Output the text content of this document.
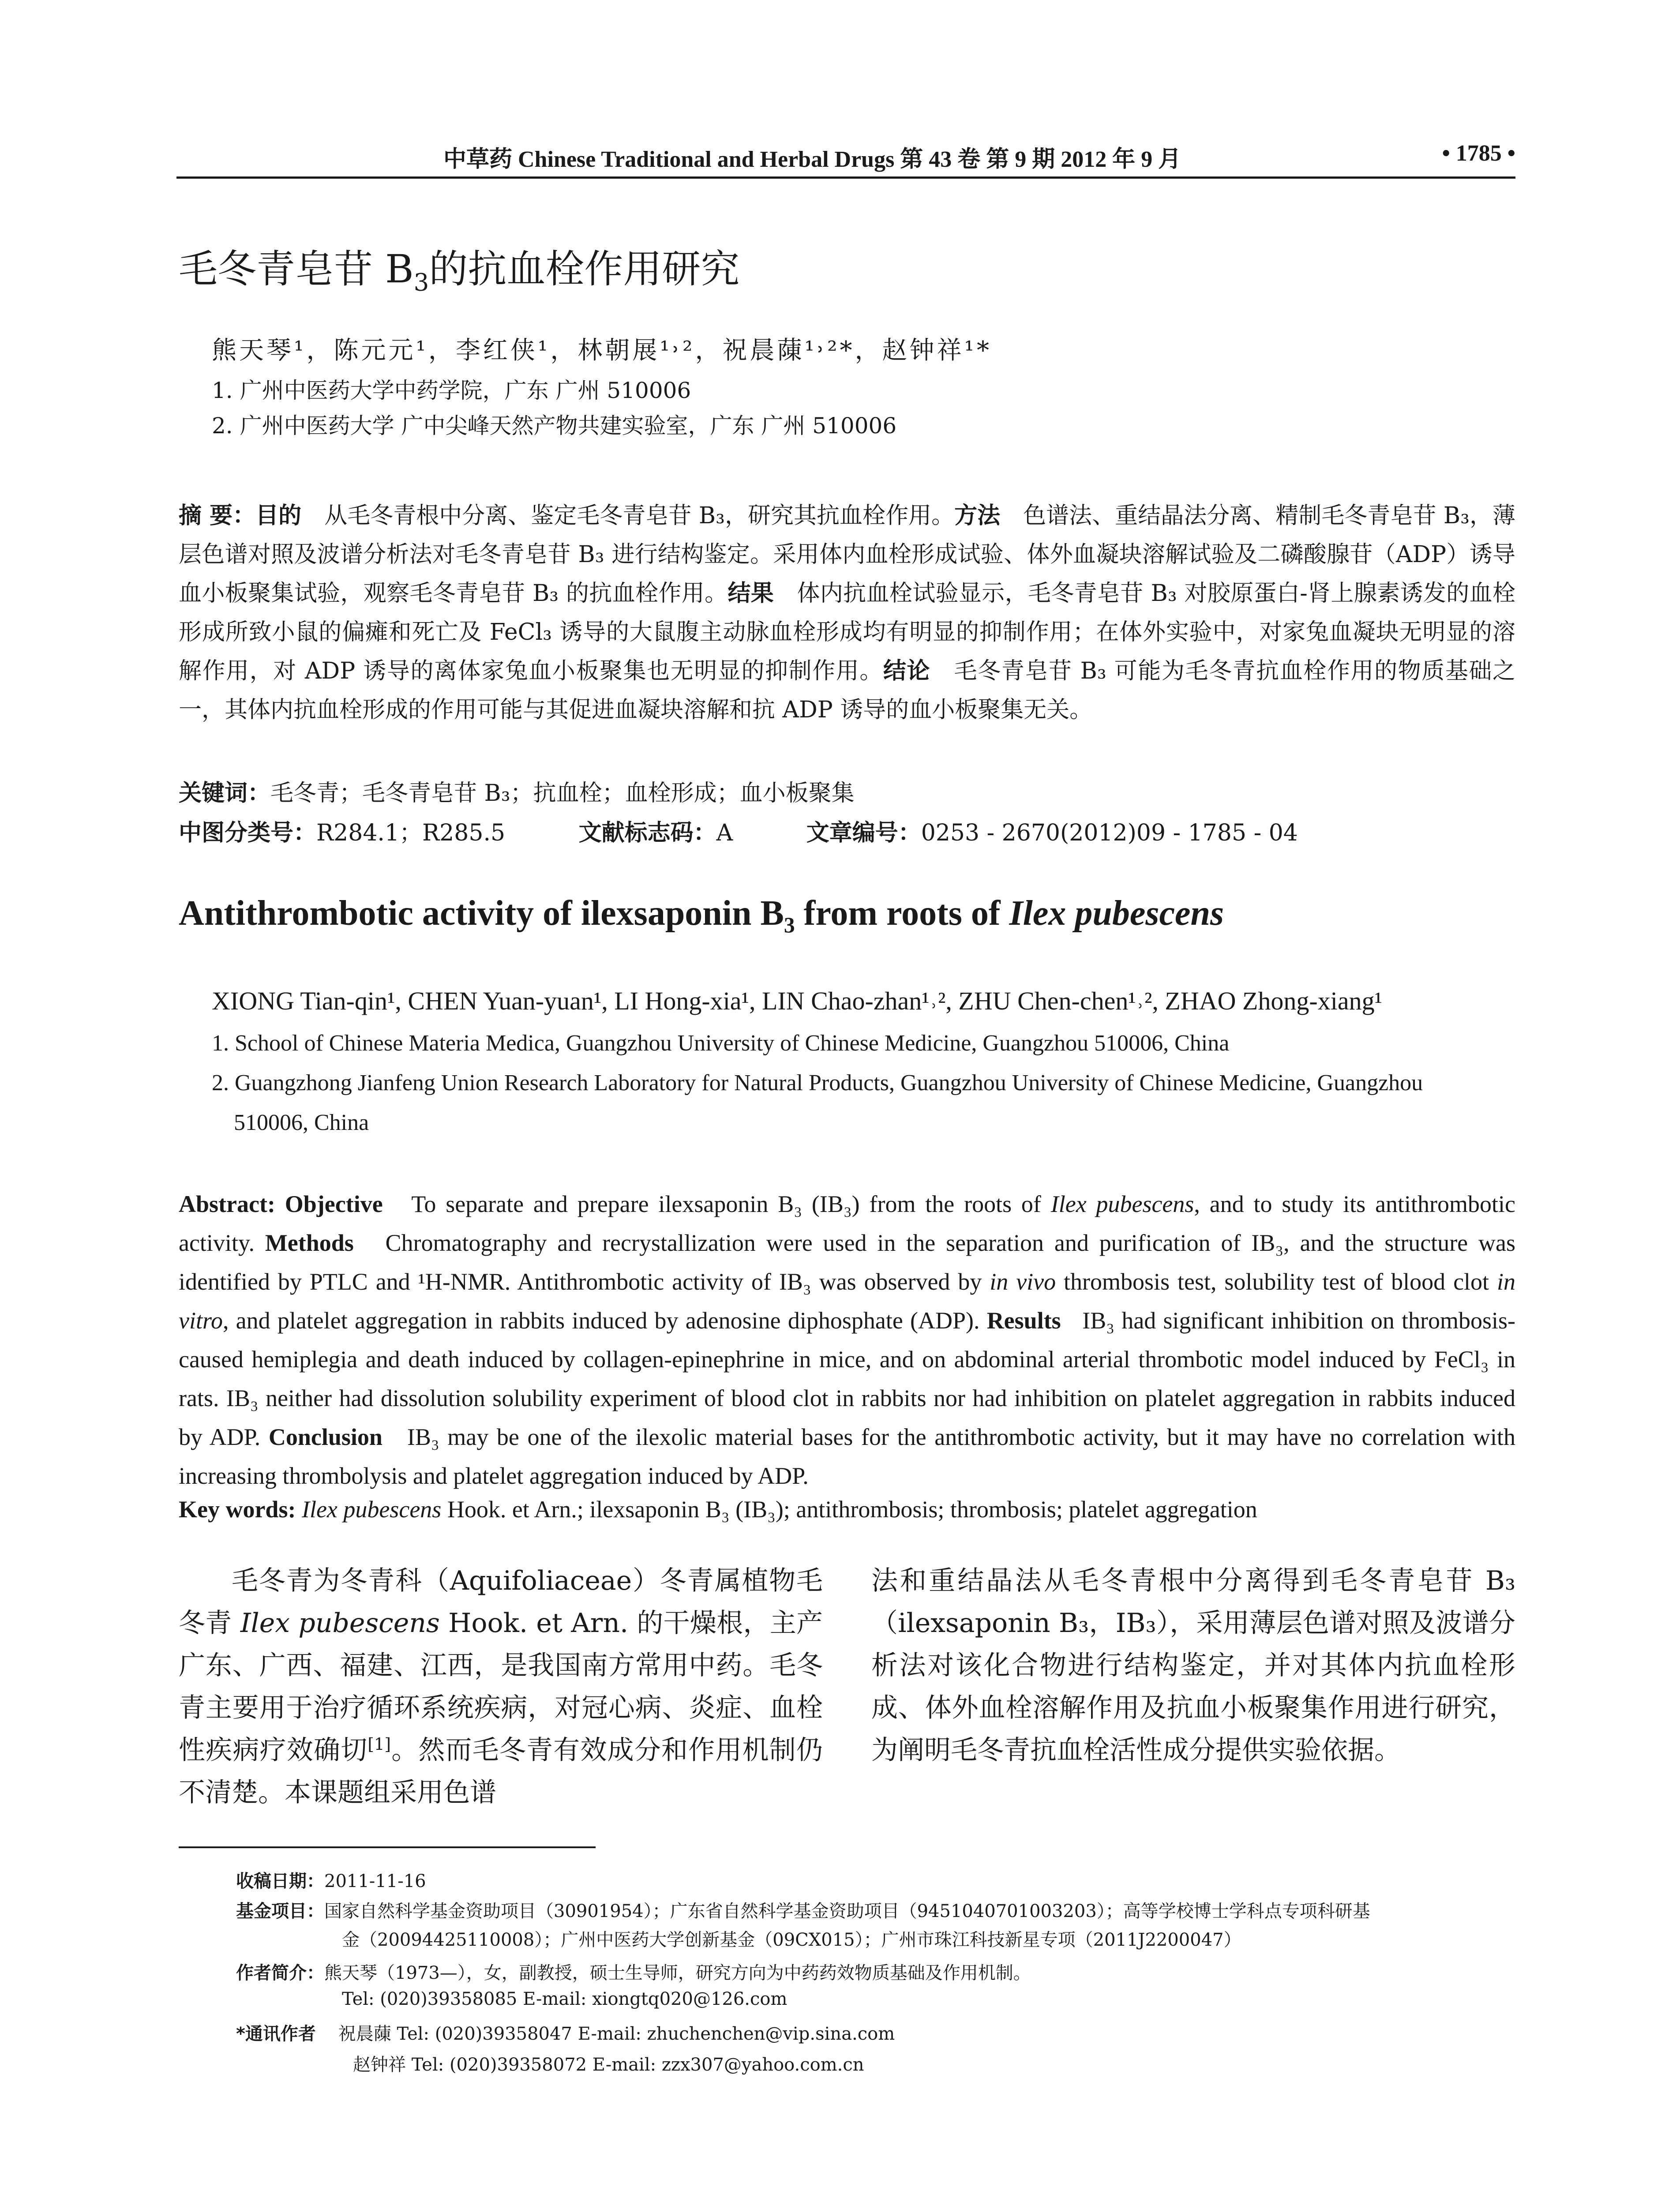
中草药 Chinese Traditional and Herbal Drugs 第 43 卷 第 9 期 2012 年 9 月	• 1785 •
毛冬青皂苷 $B_3$的抗血栓作用研究
熊天琴¹，陈元元¹，李红侠¹，林朝展¹˒²，祝晨蔯¹˒²*，赵钟祥¹*
1. 广州中医药大学中药学院，广东 广州 510006
2. 广州中医药大学 广中尖峰天然产物共建实验室，广东 广州 510006
摘 要：目的　 从毛冬青根中分离、鉴定毛冬青皂苷 B₃，研究其抗血栓作用。方法　 色谱法、重结晶法分离、精制毛冬青皂苷 B₃，薄层色谱对照及波谱分析法对毛冬青皂苷 B₃ 进行结构鉴定。采用体内血栓形成试验、体外血凝块溶解试验及二磷酸腺苷（ADP）诱导血小板聚集试验，观察毛冬青皂苷 B₃ 的抗血栓作用。结果　 体内抗血栓试验显示，毛冬青皂苷 B₃ 对胶原蛋白-肾上腺素诱发的血栓形成所致小鼠的偏瘫和死亡及 FeCl₃ 诱导的大鼠腹主动脉血栓形成均有明显的抑制作用；在体外实验中，对家兔血凝块无明显的溶解作用，对 ADP 诱导的离体家兔血小板聚集也无明显的抑制作用。结论　 毛冬青皂苷 B₃ 可能为毛冬青抗血栓作用的物质基础之一，其体内抗血栓形成的作用可能与其促进血凝块溶解和抗 ADP 诱导的血小板聚集无关。
关键词：毛冬青；毛冬青皂苷 B₃；抗血栓；血栓形成；血小板聚集
中图分类号：R284.1；R285.5	文献标志码：A	文章编号：0253 - 2670(2012)09 - 1785 - 04
Antithrombotic activity of ilexsaponin $B_3$ from roots of Ilex pubescens
XIONG Tian-qin¹, CHEN Yuan-yuan¹, LI Hong-xia¹, LIN Chao-zhan¹˒², ZHU Chen-chen¹˒², ZHAO Zhong-xiang¹
1. School of Chinese Materia Medica, Guangzhou University of Chinese Medicine, Guangzhou 510006, China
2. Guangzhong Jianfeng Union Research Laboratory for Natural Products, Guangzhou University of Chinese Medicine, Guangzhou
510006, China
Abstract: Objective To separate and prepare ilexsaponin B₃ (IB₃) from the roots of Ilex pubescens, and to study its antithrombotic activity. Methods Chromatography and recrystallization were used in the separation and purification of IB₃, and the structure was identified by PTLC and ¹H-NMR. Antithrombotic activity of IB₃ was observed by in vivo thrombosis test, solubility test of blood clot in vitro, and platelet aggregation in rabbits induced by adenosine diphosphate (ADP). Results IB₃ had significant inhibition on thrombosis-caused hemiplegia and death induced by collagen-epinephrine in mice, and on abdominal arterial thrombotic model induced by FeCl₃ in rats. IB₃ neither had dissolution solubility experiment of blood clot in rabbits nor had inhibition on platelet aggregation in rabbits induced by ADP. Conclusion IB₃ may be one of the ilexolic material bases for the antithrombotic activity, but it may have no correlation with increasing thrombolysis and platelet aggregation induced by ADP.
Key words: Ilex pubescens Hook. et Arn.; ilexsaponin B₃ (IB₃); antithrombosis; thrombosis; platelet aggregation
毛冬青为冬青科（Aquifoliaceae）冬青属植物毛冬青 Ilex pubescens Hook. et Arn. 的干燥根，主产广东、广西、福建、江西，是我国南方常用中药。毛冬青主要用于治疗循环系统疾病，对冠心病、炎症、血栓性疾病疗效确切[1]。然而毛冬青有效成分和作用机制仍不清楚。本课题组采用色谱
法和重结晶法从毛冬青根中分离得到毛冬青皂苷 B₃（ilexsaponin B₃，IB₃），采用薄层色谱对照及波谱分析法对该化合物进行结构鉴定，并对其体内抗血栓形成、体外血栓溶解作用及抗血小板聚集作用进行研究，为阐明毛冬青抗血栓活性成分提供实验依据。
收稿日期：2011-11-16
基金项目：国家自然科学基金资助项目（30901954）；广东省自然科学基金资助项目（9451040701003203）；高等学校博士学科点专项科研基
金（20094425110008）；广州中医药大学创新基金（09CX015）；广州市珠江科技新星专项（2011J2200047）
作者简介：熊天琴（1973—），女，副教授，硕士生导师，研究方向为中药药效物质基础及作用机制。
Tel: (020)39358085 E-mail: xiongtq020@126.com
*通讯作者 祝晨蔯 Tel: (020)39358047 E-mail: zhuchenchen@vip.sina.com
赵钟祥 Tel: (020)39358072 E-mail: zzx307@yahoo.com.cn
